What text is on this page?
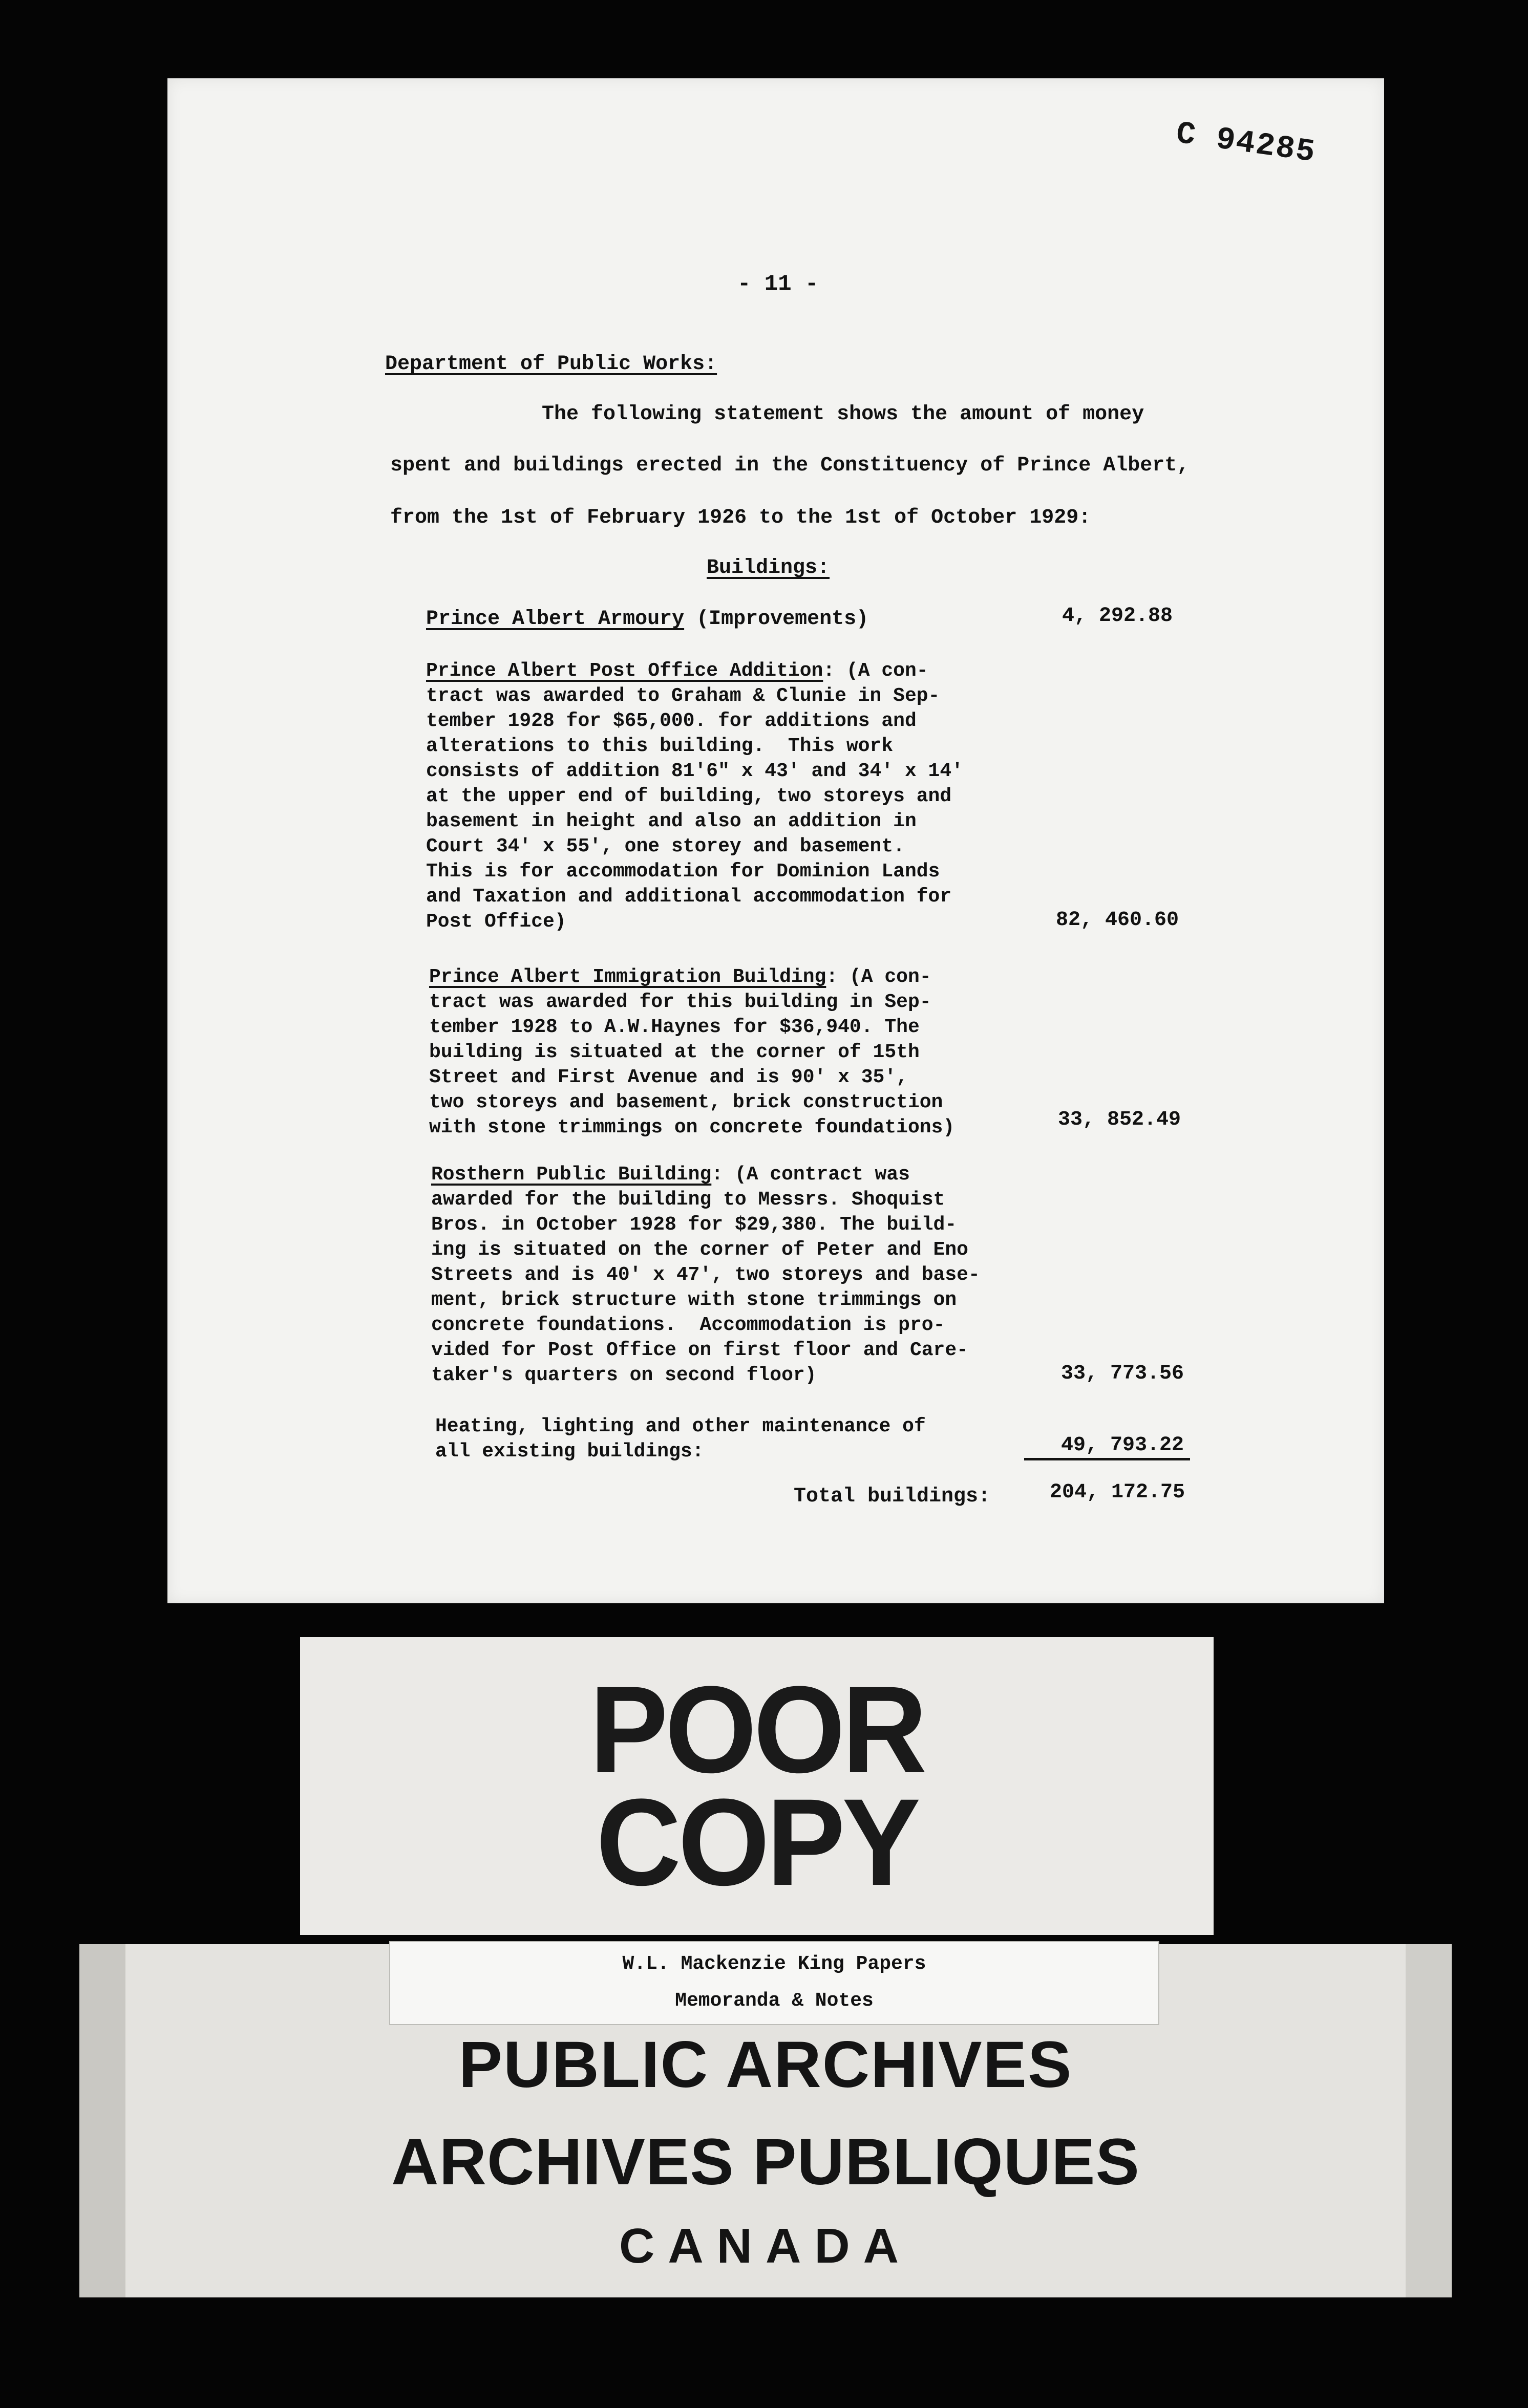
C 94285
- 11 -
Department of Public Works:
The following statement shows the amount of money
spent and buildings erected in the Constituency of Prince Albert,
from the 1st of February 1926 to the 1st of October 1929:
Buildings:
Prince Albert Armoury (Improvements)	4, 292.88
Prince Albert Post Office Addition: (A con-
tract was awarded to Graham & Clunie in Sep-
tember 1928 for $65,000. for additions and
alterations to this building.  This work
consists of addition 81'6" x 43' and 34' x 14'
at the upper end of building, two storeys and
basement in height and also an addition in
Court 34' x 55', one storey and basement.
This is for accommodation for Dominion Lands
and Taxation and additional accommodation for
Post Office)	82, 460.60
Prince Albert Immigration Building: (A con-
tract was awarded for this building in Sep-
tember 1928 to A.W.Haynes for $36,940. The
building is situated at the corner of 15th
Street and First Avenue and is 90' x 35',
two storeys and basement, brick construction
with stone trimmings on concrete foundations)	33, 852.49
Rosthern Public Building: (A contract was
awarded for the building to Messrs. Shoquist
Bros. in October 1928 for $29,380. The build-
ing is situated on the corner of Peter and Eno
Streets and is 40' x 47', two storeys and base-
ment, brick structure with stone trimmings on
concrete foundations.  Accommodation is pro-
vided for Post Office on first floor and Care-
taker's quarters on second floor)	33, 773.56
Heating, lighting and other maintenance of
all existing buildings:	49, 793.22
Total buildings:	204, 172.75
POOR
COPY
PUBLIC ARCHIVES
ARCHIVES PUBLIQUES
CANADA
W.L. Mackenzie King Papers
Memoranda & Notes
